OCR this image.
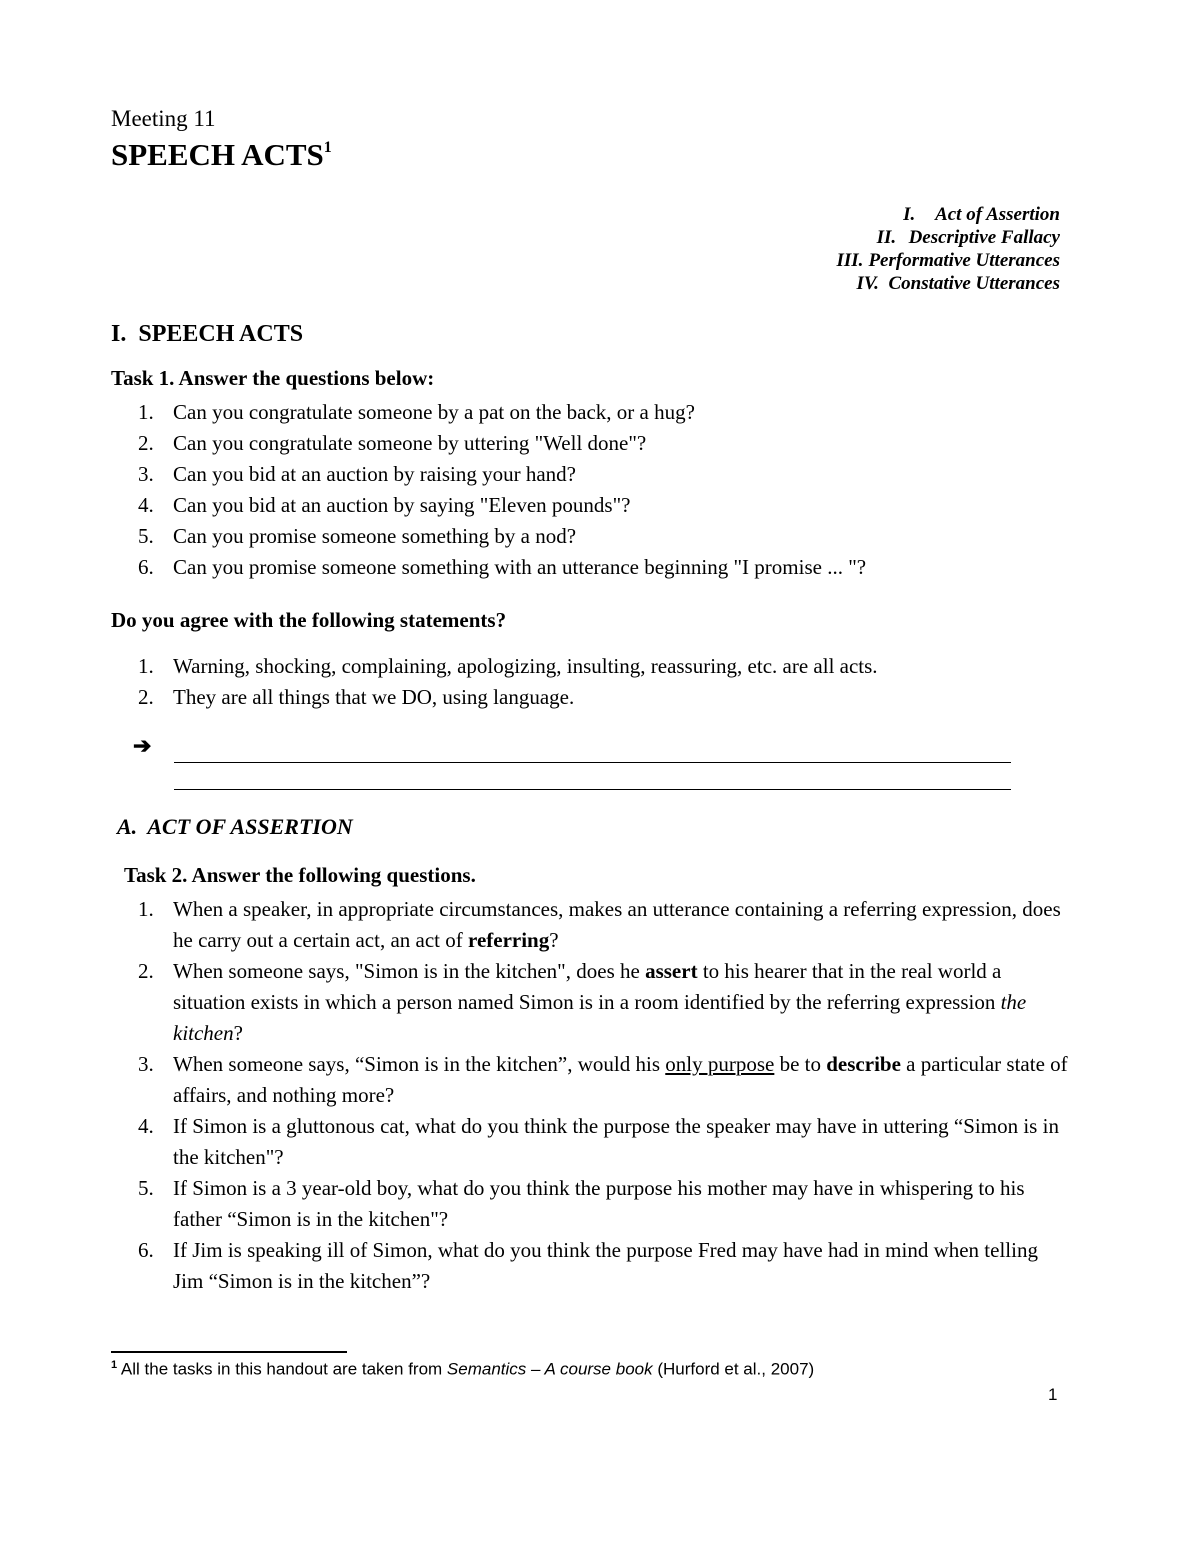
Meeting 11
SPEECH ACTS$^1$
I. Act of Assertion
II. Descriptive Fallacy
III. Performative Utterances
IV. Constative Utterances
I.  SPEECH ACTS
Task 1. Answer the questions below:
1. Can you congratulate someone by a pat on the back, or a hug?
2. Can you congratulate someone by uttering "Well done"?
3. Can you bid at an auction by raising your hand?
4. Can you bid at an auction by saying "Eleven pounds"?
5. Can you promise someone something by a nod?
6. Can you promise someone something with an utterance beginning "I promise ... "?
Do you agree with the following statements?
1. Warning, shocking, complaining, apologizing, insulting, reassuring, etc. are all acts.
2. They are all things that we DO, using language.
➔
A.  ACT OF ASSERTION
Task 2. Answer the following questions.
1. When a speaker, in appropriate circumstances, makes an utterance containing a referring expression, does he carry out a certain act, an act of referring?
2. When someone says, "Simon is in the kitchen", does he assert to his hearer that in the real world a situation exists in which a person named Simon is in a room identified by the referring expression the kitchen?
3. When someone says, “Simon is in the kitchen”, would his only purpose be to describe a particular state of affairs, and nothing more?
4. If Simon is a gluttonous cat, what do you think the purpose the speaker may have in uttering “Simon is in the kitchen"?
5. If Simon is a 3 year-old boy, what do you think the purpose his mother may have in whispering to his father “Simon is in the kitchen"?
6. If Jim is speaking ill of Simon, what do you think the purpose Fred may have had in mind when telling Jim “Simon is in the kitchen”?
$^1$ All the tasks in this handout are taken from Semantics – A course book (Hurford et al., 2007)
1
